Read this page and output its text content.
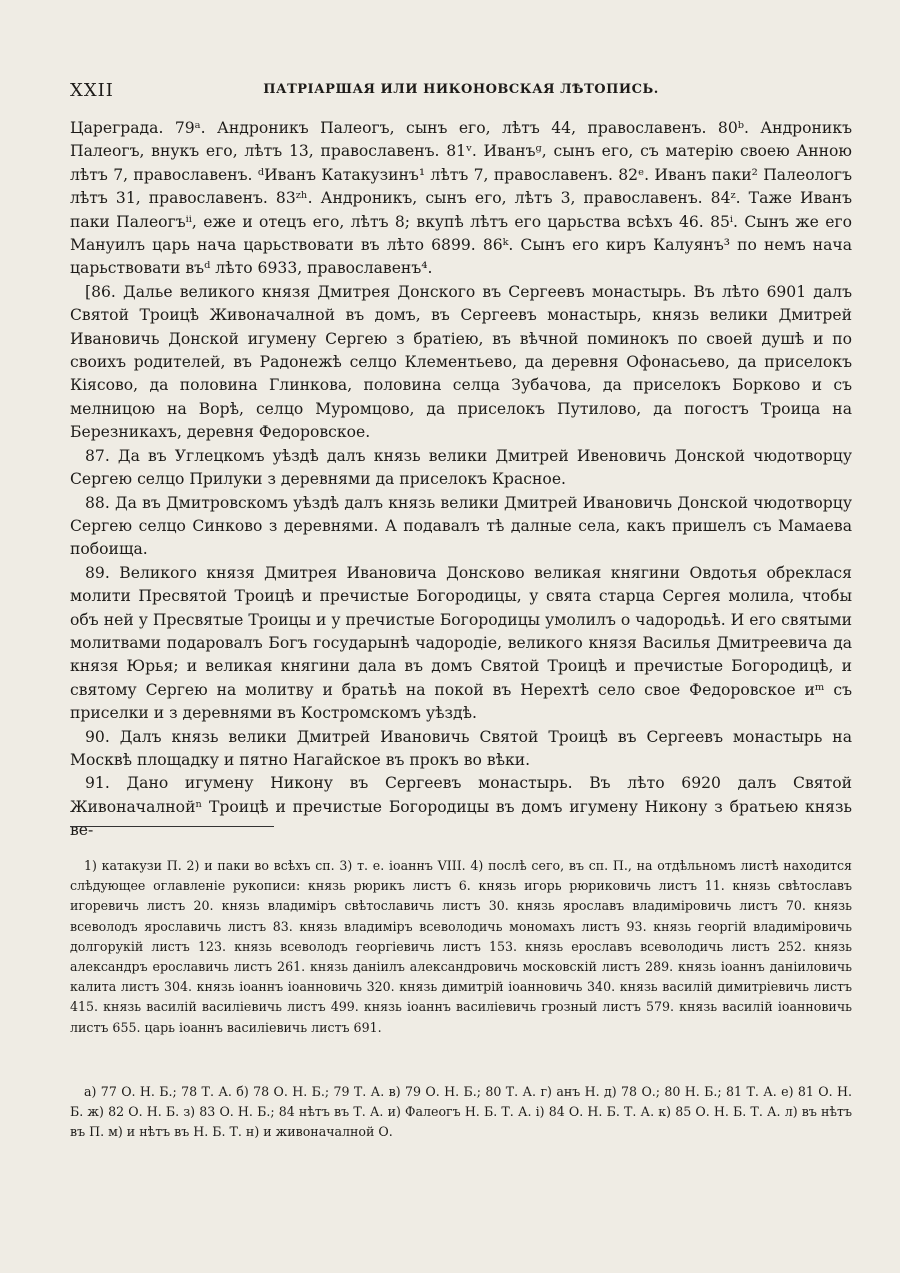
XXII	ПАТРІАРШАЯ ИЛИ НИКОНОВСКАЯ ЛѢТОПИСЬ.

Цареграда. 79ᵃ. Андроникъ Палеогъ, сынъ его, лѣтъ 44, православенъ. 80ᵇ. Андроникъ Палеогъ, внукъ его, лѣтъ 13, православенъ. 81ᵛ. Иванъᶢ, сынъ его, съ матерію своею Анною лѣтъ 7, православенъ. ᵈИванъ Катакузинъ¹ лѣтъ 7, православенъ. 82ᵉ. Иванъ паки² Палеологъ лѣтъ 31, православенъ. 83ᶻʰ. Андроникъ, сынъ его, лѣтъ 3, православенъ. 84ᶻ. Таже Иванъ паки Палеогъⁱⁱ, еже и отецъ его, лѣтъ 8; вкупѣ лѣтъ его царьства всѣхъ 46. 85ⁱ. Сынъ же его Мануилъ царь нача царьствовати въ лѣто 6899. 86ᵏ. Сынъ его киръ Калуянъ³ по немъ нача царьствовати въᵈ лѣто 6933, православенъ⁴.

[86. Далье великого князя Дмитрея Донского въ Сергеевъ монастырь. Въ лѣто 6901 далъ Святой Троицѣ Живоначалной въ домъ, въ Сергеевъ монастырь, князь велики Дмитрей Ивановичь Донской игумену Сергею з братіею, въ вѣчной поминокъ по своей душѣ и по своихъ родителей, въ Радонежѣ селцо Клементьево, да деревня Офонасьево, да приселокъ Кіясово, да половина Глинкова, половина селца Зубачова, да приселокъ Борково и съ мелницою на Ворѣ, селцо Муромцово, да приселокъ Путилово, да погостъ Троица на Березникахъ, деревня Федоровское.

87. Да въ Углецкомъ уѣздѣ далъ князь велики Дмитрей Ивеновичь Донской чюдотворцу Сергею селцо Прилуки з деревнями да приселокъ Красное.

88. Да въ Дмитровскомъ уѣздѣ далъ князь велики Дмитрей Ивановичь Донской чюдотворцу Сергею селцо Синково з деревнями. А подавалъ тѣ далные села, какъ пришелъ съ Мамаева побоища.

89. Великого князя Дмитрея Ивановича Донсково великая княгини Овдотья обреклася молити Пресвятой Троицѣ и пречистые Богородицы, у свята старца Сергея молила, чтобы объ ней у Пресвятые Троицы и у пречистые Богородицы умолилъ о чадородьѣ. И его святыми молитвами подаровалъ Богъ государынѣ чадородіе, великого князя Василья Дмитреевича да князя Юрья; и великая княгини дала въ домъ Святой Троицѣ и пречистые Богородицѣ, и святому Сергею на молитву и братьѣ на покой въ Нерехтѣ село свое Федоровское иᵐ съ приселки и з деревнями въ Костромскомъ уѣздѣ.

90. Далъ князь велики Дмитрей Ивановичь Святой Троицѣ въ Сергеевъ монастырь на Москвѣ площадку и пятно Нагайское въ прокъ во вѣки.

91. Дано игумену Никону въ Сергеевъ монастырь. Въ лѣто 6920 далъ Святой Живоначалнойⁿ Троицѣ и пречистые Богородицы въ домъ игумену Никону з братьею князь ве-

1) катакузи П. 2) и паки во всѣхъ сп. 3) т. е. іоаннъ VIII. 4) послѣ сего, въ сп. П., на отдѣльномъ листѣ находится слѣдующее оглавленіе рукописи: князь рюрикъ листъ 6. князь игорь рюриковичь листъ 11. князь свѣтославъ игоревичь листъ 20. князь владиміръ свѣтославичь листъ 30. князь ярославъ владиміровичь листъ 70. князь всеволодъ ярославичь листъ 83. князь владиміръ всеволодичь мономахъ листъ 93. князь георгій владиміровичь долгорукій листъ 123. князь всеволодъ георгіевичь листъ 153. князь ерославъ всеволодичь листъ 252. князь александръ ерославичь листъ 261. князь даніилъ александровичь московскій листъ 289. князь іоаннъ даніиловичь калита листъ 304. князь іоаннъ іоанновичь 320. князь димитрій іоанновичь 340. князь василій димитріевичь листъ 415. князь василій василіевичь листъ 499. князь іоаннъ василіевичь грозный листъ 579. князь василій іоанновичь листъ 655. царь іоаннъ василіевичь листъ 691.

а) 77 О. Н. Б.; 78 Т. А. б) 78 О. Н. Б.; 79 Т. А. в) 79 О. Н. Б.; 80 Т. А. г) анъ Н. д) 78 О.; 80 Н. Б.; 81 Т. А. е) 81 О. Н. Б. ж) 82 О. Н. Б. з) 83 О. Н. Б.; 84 нѣтъ въ Т. А. и) Фалеогъ Н. Б. Т. А. і) 84 О. Н. Б. Т. А. к) 85 О. Н. Б. Т. А. л) въ нѣтъ въ П. м) и нѣтъ въ Н. Б. Т. н) и живоначалной О.
